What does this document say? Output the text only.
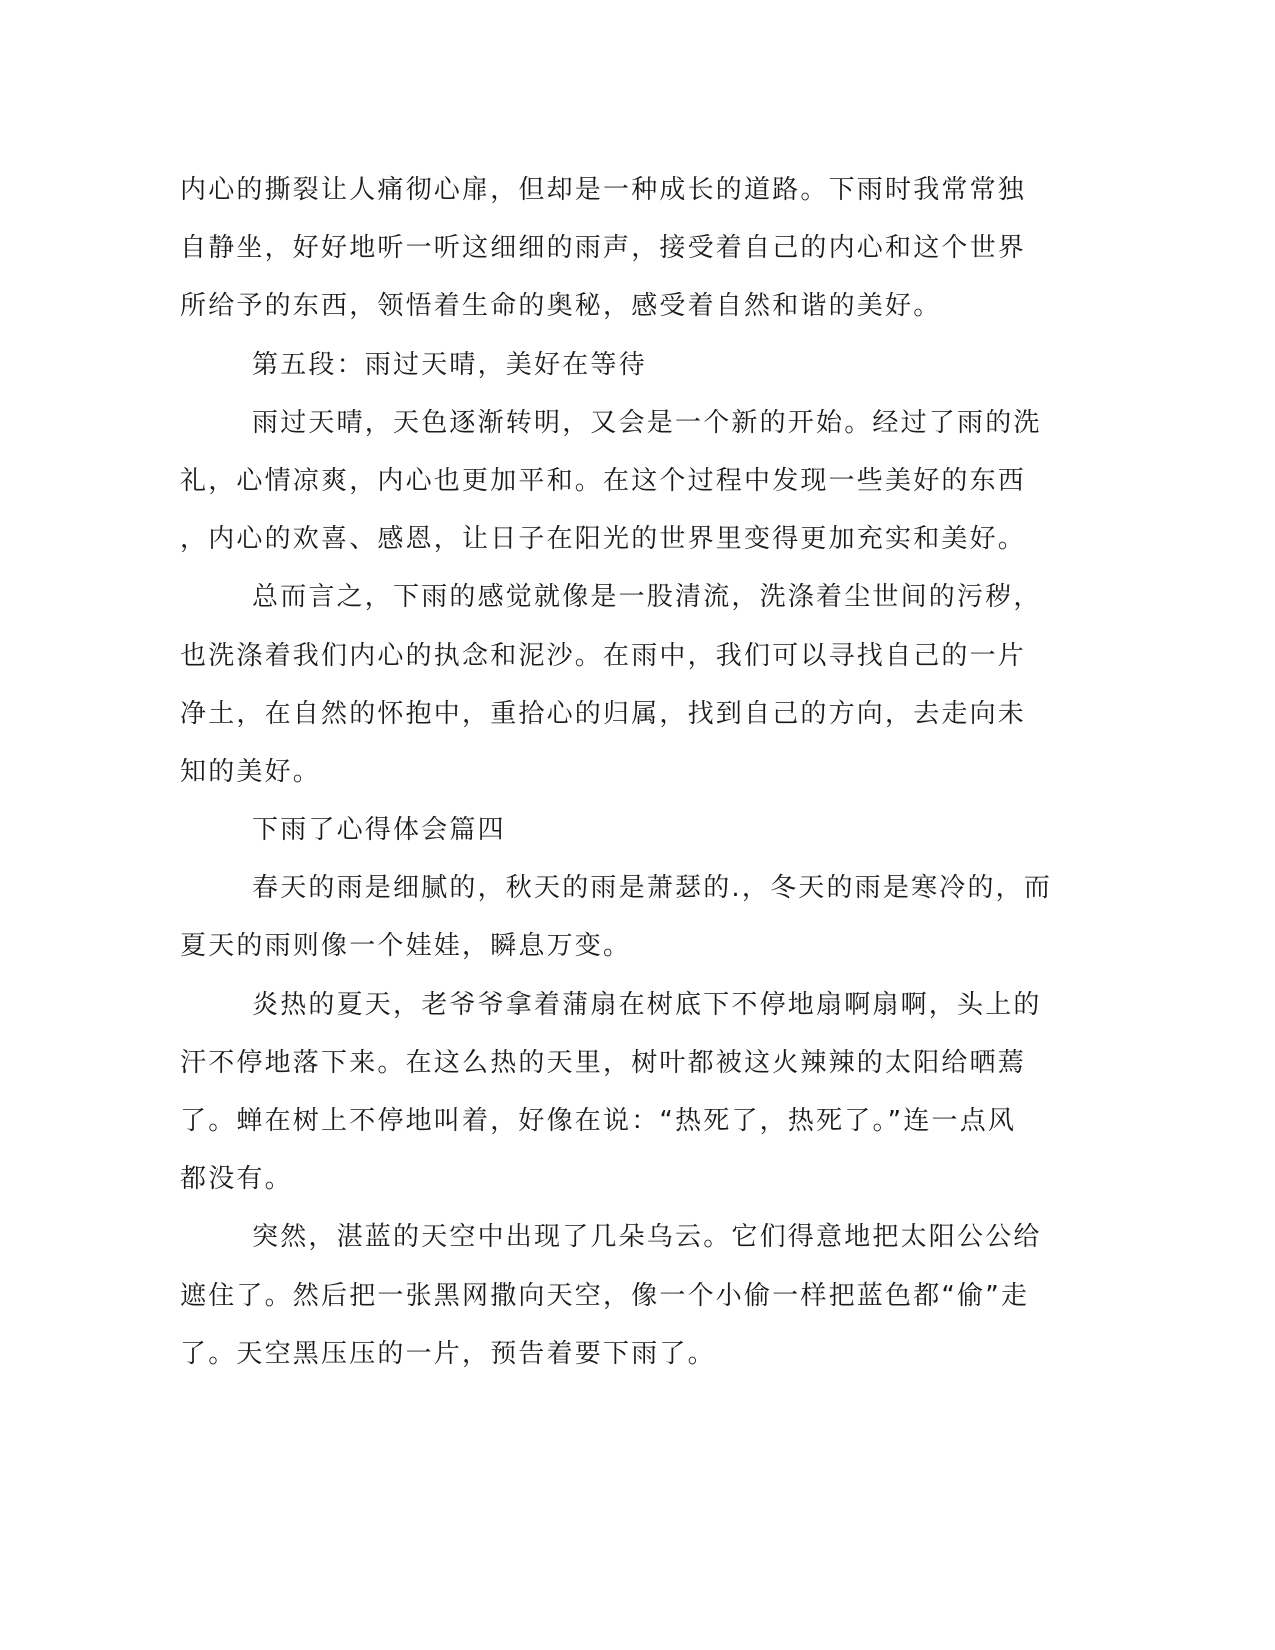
内心的撕裂让人痛彻心扉，但却是一种成长的道路。下雨时我常常独
自静坐，好好地听一听这细细的雨声，接受着自己的内心和这个世界
所给予的东西，领悟着生命的奥秘，感受着自然和谐的美好。
第五段：雨过天晴，美好在等待
雨过天晴，天色逐渐转明，又会是一个新的开始。经过了雨的洗
礼，心情凉爽，内心也更加平和。在这个过程中发现一些美好的东西
，内心的欢喜、感恩，让日子在阳光的世界里变得更加充实和美好。
总而言之，下雨的感觉就像是一股清流，洗涤着尘世间的污秽，
也洗涤着我们内心的执念和泥沙。在雨中，我们可以寻找自己的一片
净土，在自然的怀抱中，重拾心的归属，找到自己的方向，去走向未
知的美好。
下雨了心得体会篇四
春天的雨是细腻的，秋天的雨是萧瑟的.，冬天的雨是寒冷的，而
夏天的雨则像一个娃娃，瞬息万变。
炎热的夏天，老爷爷拿着蒲扇在树底下不停地扇啊扇啊，头上的
汗不停地落下来。在这么热的天里，树叶都被这火辣辣的太阳给晒蔫
了。蝉在树上不停地叫着，好像在说：“热死了，热死了。”连一点风
都没有。
突然，湛蓝的天空中出现了几朵乌云。它们得意地把太阳公公给
遮住了。然后把一张黑网撒向天空，像一个小偷一样把蓝色都“偷”走
了。天空黑压压的一片，预告着要下雨了。
